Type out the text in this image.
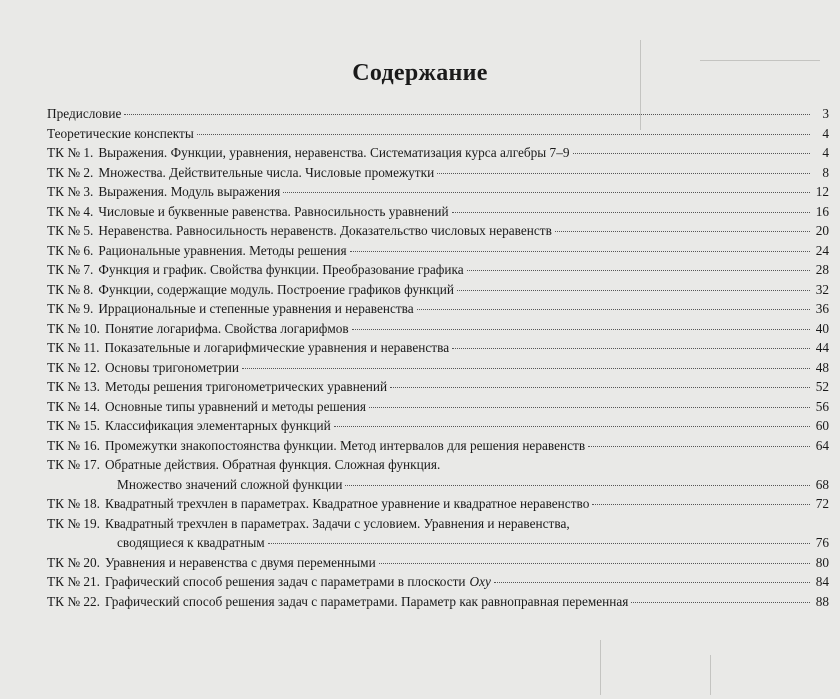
Содержание
Предисловие	3
Теоретические конспекты	4
ТК № 1. Выражения. Функции, уравнения, неравенства. Систематизация курса алгебры 7–9	4
ТК № 2. Множества. Действительные числа. Числовые промежутки	8
ТК № 3. Выражения. Модуль выражения	12
ТК № 4. Числовые и буквенные равенства. Равносильность уравнений	16
ТК № 5. Неравенства. Равносильность неравенств. Доказательство числовых неравенств	20
ТК № 6. Рациональные уравнения. Методы решения	24
ТК № 7. Функция и график. Свойства функции. Преобразование графика	28
ТК № 8. Функции, содержащие модуль. Построение графиков функций	32
ТК № 9. Иррациональные и степенные уравнения и неравенства	36
ТК № 10. Понятие логарифма. Свойства логарифмов	40
ТК № 11. Показательные и логарифмические уравнения и неравенства	44
ТК № 12. Основы тригонометрии	48
ТК № 13. Методы решения тригонометрических уравнений	52
ТК № 14. Основные типы уравнений и методы решения	56
ТК № 15. Классификация элементарных функций	60
ТК № 16. Промежутки знакопостоянства функции. Метод интервалов для решения неравенств	64
ТК № 17. Обратные действия. Обратная функция. Сложная функция.
Множество значений сложной функции	68
ТК № 18. Квадратный трехчлен в параметрах. Квадратное уравнение и квадратное неравенство	72
ТК № 19. Квадратный трехчлен в параметрах. Задачи с условием. Уравнения и неравенства,
сводящиеся к квадратным	76
ТК № 20. Уравнения и неравенства с двумя переменными	80
ТК № 21. Графический способ решения задач с параметрами в плоскости Oxy	84
ТК № 22. Графический способ решения задач с параметрами. Параметр как равноправная переменная	88
